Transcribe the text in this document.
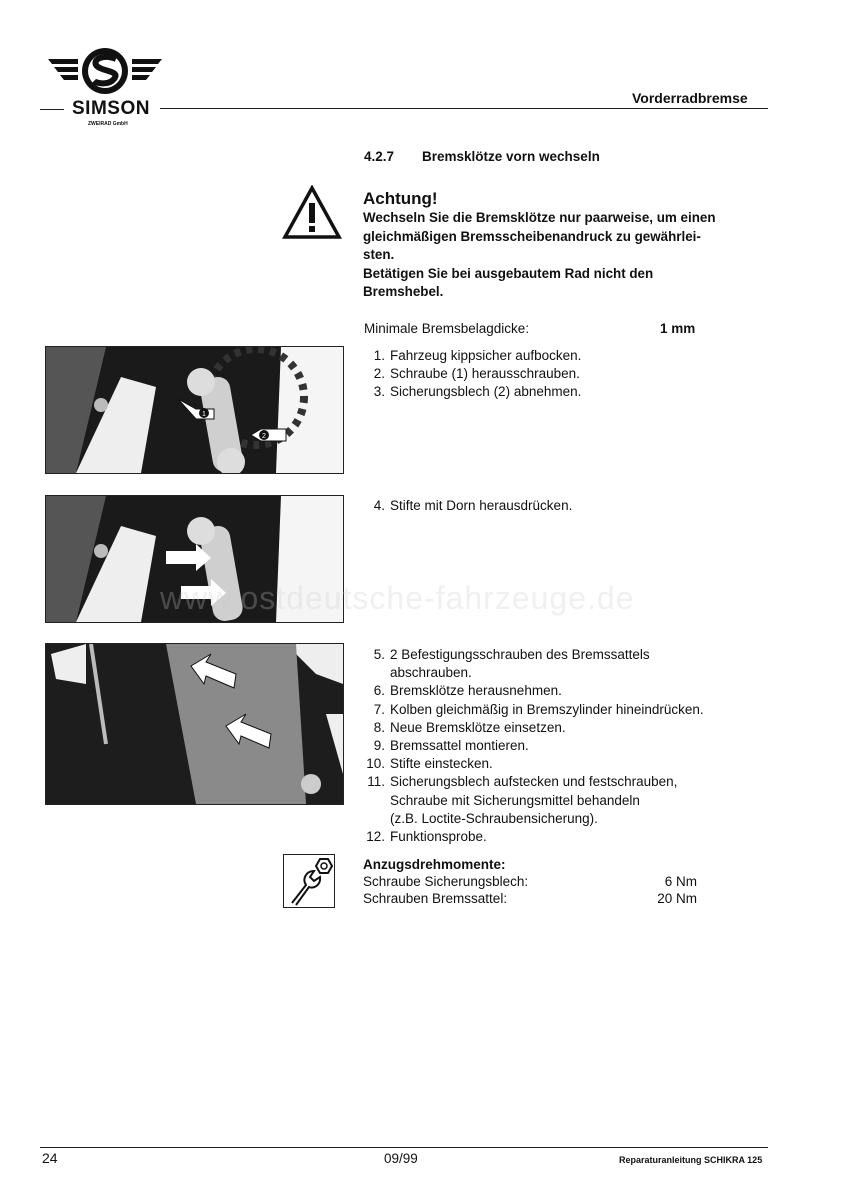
SIMSON
ZWEIRAD GmbH
Vorderradbremse
4.2.7 Bremsklötze vorn wechseln
Achtung!
Wechseln Sie die Bremsklötze nur paarweise, um einen
gleichmäßigen Bremsscheibenandruck zu gewährlei-
sten.
Betätigen Sie bei ausgebautem Rad nicht den
Bremshebel.
Minimale Bremsbelagdicke:	1 mm
1
2
www.ostdeutsche-fahrzeuge.de
1. Fahrzeug kippsicher aufbocken.
2. Schraube (1) herausschrauben.
3. Sicherungsblech (2) abnehmen.
4. Stifte mit Dorn herausdrücken.
5. 2 Befestigungsschrauben des Bremssattels
abschrauben.
6. Bremsklötze herausnehmen.
7. Kolben gleichmäßig in Bremszylinder hineindrücken.
8. Neue Bremsklötze einsetzen.
9. Bremssattel montieren.
10. Stifte einstecken.
11. Sicherungsblech aufstecken und festschrauben,
Schraube mit Sicherungsmittel behandeln
(z.B. Loctite-Schraubensicherung).
12. Funktionsprobe.
Anzugsdrehmomente:
Schraube Sicherungsblech:	6 Nm
Schrauben Bremssattel:	20 Nm
24	09/99	Reparaturanleitung SCHIKRA 125
